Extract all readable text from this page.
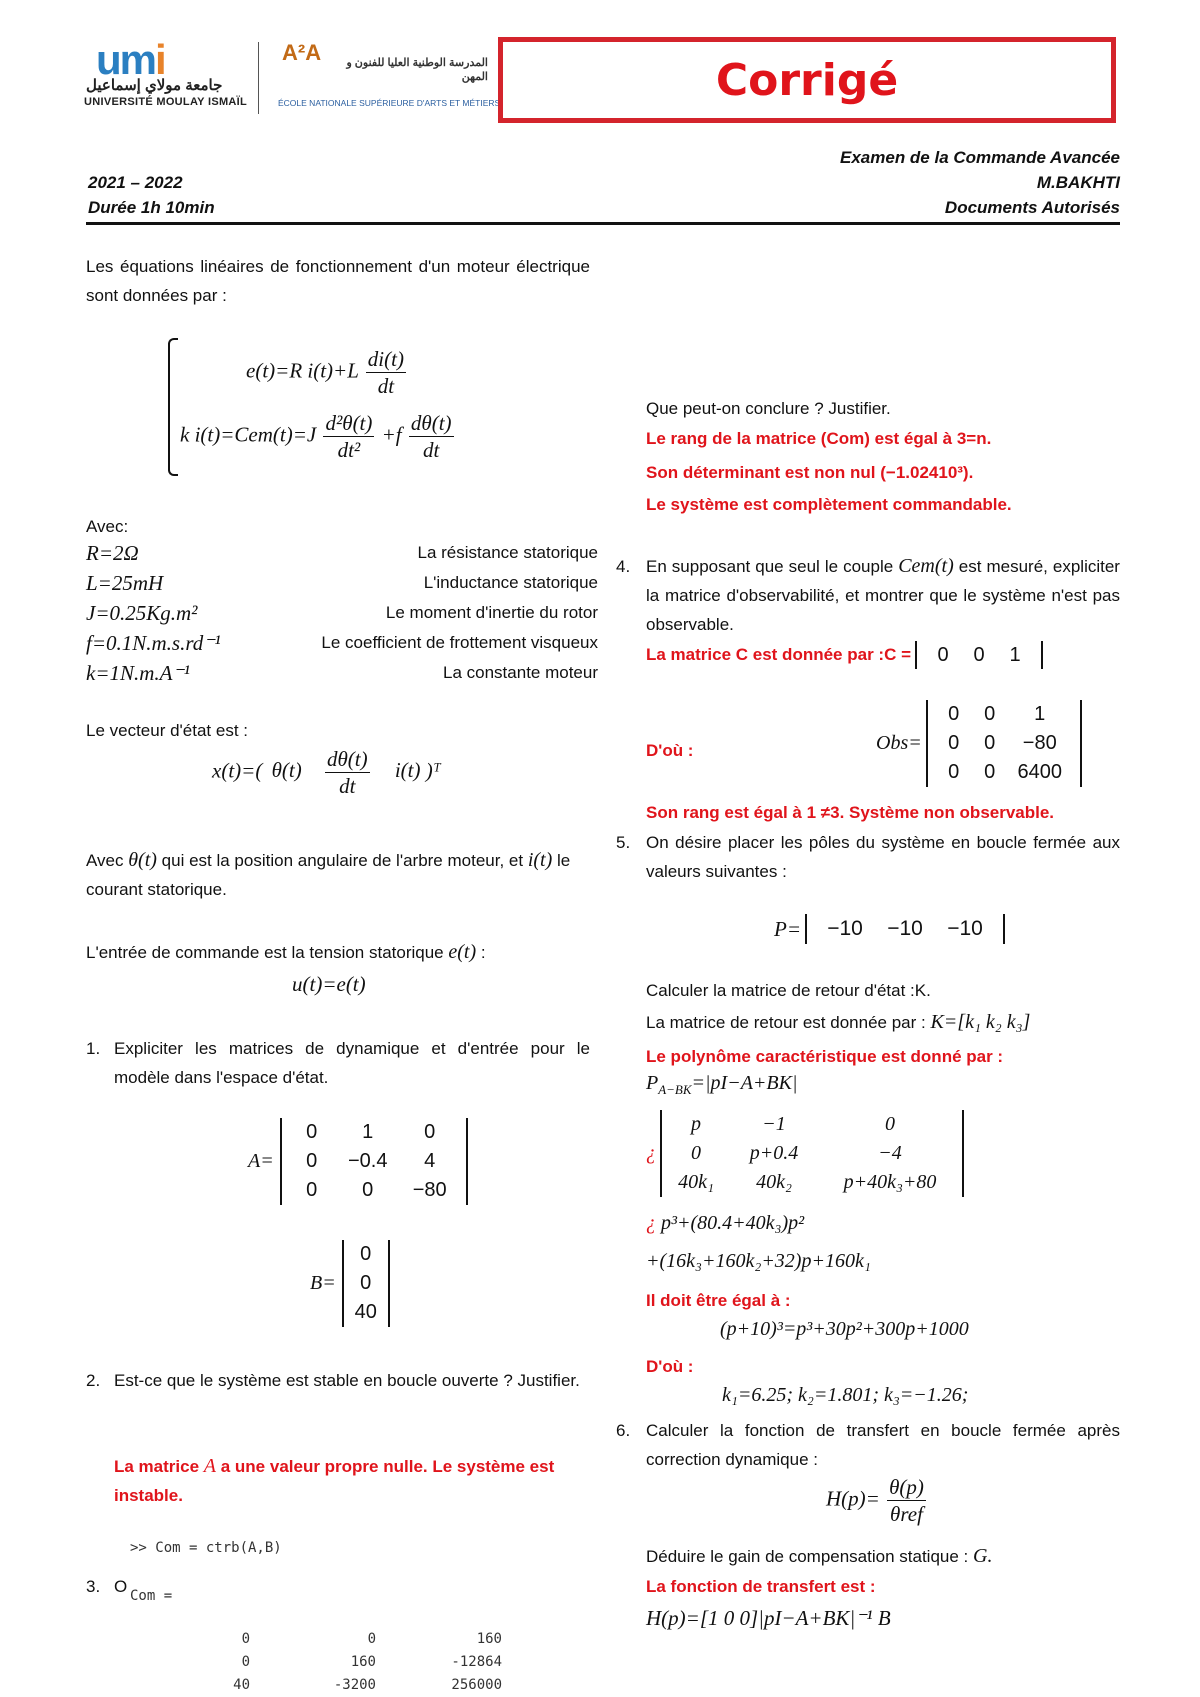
umi
جامعة مولاي إسماعيل
UNIVERSITÉ MOULAY ISMAÏL
A²A	المدرسة الوطنية العليا للفنون و المهن
ÉCOLE NATIONALE SUPÉRIEURE D'ARTS ET MÉTIERS	Corrigé
Examen de la Commande Avancée
2021 – 2022	M.BAKHTI
Durée 1h 10min	Documents Autorisés
Les équations linéaires de fonctionnement d'un moteur électrique sont données par :
e(t)=R $i(t)+L \frac{di(t)}{dt}$
k $i(t)=Cem(t)=J \frac{\text{d²θ(t)}}{\text{dt²}} +f \frac{d\theta(t)}{dt}$
Avec:
R=2Ω	La résistance statorique
L=25mH	L'inductance statorique
J=0.25Kg.m²	Le moment d'inertie du rotor
f=0.1N.m.s.rd⁻¹	Le coefficient de frottement visqueux
k=1N.m.A⁻¹	La constante moteur
Le vecteur d'état est :
x(t)=( $\theta(t) \frac{d\theta(t)}{dt} i(t)$ )ᵀ
Avec θ(t) qui est la position angulaire de l'arbre moteur, et i(t) le courant statorique.
L'entrée de commande est la tension statorique e(t) :
u(t)=e(t)
1. Expliciter les matrices de dynamique et d'entrée pour le modèle dans l'espace d'état.
A=
0	1	0
0	−0.4	4
0	0	−80
B=
0
0
40
2. Est-ce que le système est stable en boucle ouverte ? Justifier.
La matrice A a une valeur propre nulle. Le système est instable.
>> Com = ctrb(A,B)
3. O Com =
0	0	160
0	160	-12864
40	-3200	256000
Que peut-on conclure ? Justifier.
Le rang de la matrice (Com) est égal à 3=n.
Son déterminant est non nul (−1.02410³).
Le système est complètement commandable.
4. En supposant que seul le couple Cem(t) est mesuré, expliciter la matrice d'observabilité, et montrer que le système n'est pas observable.
La matrice C est donnée par :C =	0	0	1
D'où :	Obs=
0	0	1
0	0	−80
0	0	6400
Son rang est égal à 1 ≠3. Système non observable.
5. On désire placer les pôles du système en boucle fermée aux valeurs suivantes :
P=	−10	−10	−10
Calculer la matrice de retour d'état :K.
La matrice de retour est donnée par : K=[k₁ k₂ k₃]
Le polynôme caractéristique est donné par :
$P_{A-BK}=|pI-A+BK|$
¿
p	−1	0
0	p+0.4	−4
40k₁	40k₂	p+40k₃+80
¿ p³+(80.4+40k₃)p²
+(16k₃+160k₂+32)p+160k₁
Il doit être égal à :
(p+10)³=p³+30p²+300p+1000
D'où :
k₁=6.25; k₂=1.801; k₃=−1.26;
6. Calculer la fonction de transfert en boucle fermée après correction dynamique :
$H(p)= \frac{\theta(p)}{\text{θref}}$
Déduire le gain de compensation statique : G.
La fonction de transfert est :
H(p)=[1 0 0]|pI−A+BK|⁻¹ B
